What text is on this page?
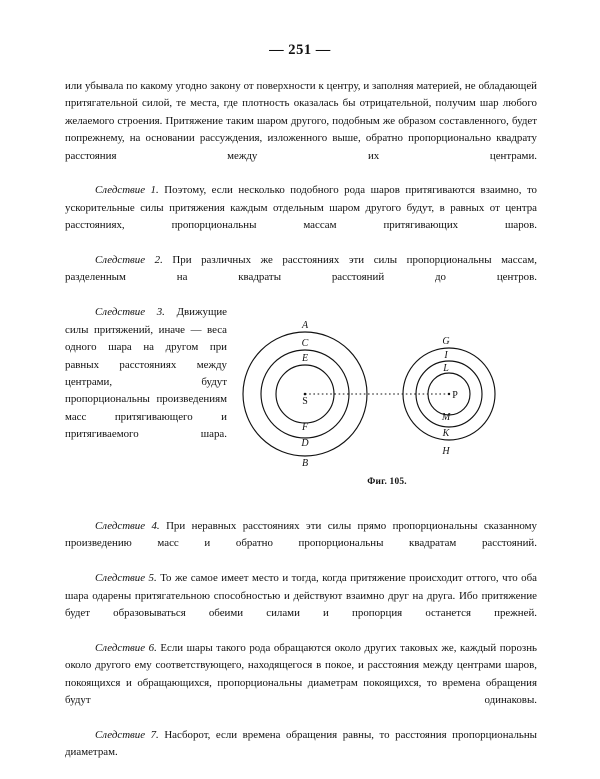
— 251 —

или убывала по какому угодно закону от поверхности к центру, и заполняя материей, не обладающей притягательной силой, те места, где плотность оказалась бы отрицательной, получим шар любого желаемого строения. Притяжение таким шаром другого, подобным же образом составленного, будет попрежнему, на основании рассуждения, изложенного выше, обратно пропорционально квадрату расстояния между их центрами.

Следствие 1. Поэтому, если несколько подобного рода шаров притягиваются взаимно, то ускорительные силы притяжения каждым отдельным шаром другого будут, в равных от центра расстояниях, пропорциональны массам притягивающих шаров.

Следствие 2. При различных же расстояниях эти силы пропорциональны массам, разделенным на квадраты расстояний до центров.

A
C
E
S
F
D
B
G
I
L
P
M
K
H
Фиг. 105.

Следствие 3. Движущие силы притяжений, иначе — веса одного шара на другом при равных расстояниях между центрами, будут пропорциональны произведениям масс притягивающего и притягиваемого шара.

Следствие 4. При неравных расстояниях эти силы прямо пропорциональны сказанному произведению масс и обратно пропорциональны квадратам расстояний.

Следствие 5. То же самое имеет место и тогда, когда притяжение происходит оттого, что оба шара одарены притягательною способностью и действуют взаимно друг на друга. Ибо притяжение будет образовываться обеими силами и пропорция останется прежней.

Следствие 6. Если шары такого рода обращаются около других таковых же, каждый порознь около другого ему соответствующего, находящегося в покое, и расстояния между центрами шаров, покоящихся и обращающихся, пропорциональны диаметрам покоящихся, то времена обращения будут одинаковы.

Следствие 7. Насборот, если времена обращения равны, то расстояния пропорциональны диаметрам.
